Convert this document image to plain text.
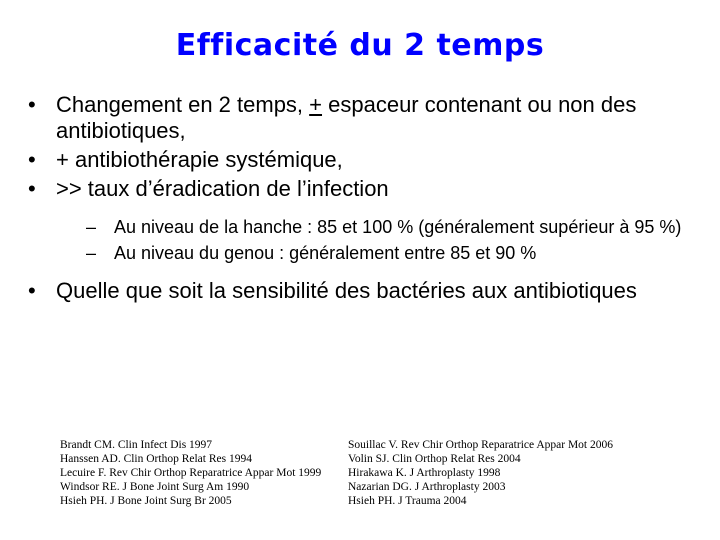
Efficacité du 2 temps
• Changement en 2 temps, + espaceur contenant ou non des antibiotiques,
• + antibiothérapie systémique,
• >> taux d’éradication de l’infection
– Au niveau de la hanche : 85 et 100 % (généralement supérieur à 95 %)
– Au niveau du genou : généralement entre 85 et 90 %
• Quelle que soit la sensibilité des bactéries aux antibiotiques
Brandt CM. Clin Infect Dis 1997
Hanssen AD. Clin Orthop Relat Res 1994
Lecuire F. Rev Chir Orthop Reparatrice Appar Mot 1999
Windsor RE. J Bone Joint Surg Am 1990
Hsieh PH. J Bone Joint Surg Br 2005
Souillac V. Rev Chir Orthop Reparatrice Appar Mot 2006
Volin SJ. Clin Orthop Relat Res 2004
Hirakawa K. J Arthroplasty 1998
Nazarian DG. J Arthroplasty 2003
Hsieh PH. J Trauma 2004
